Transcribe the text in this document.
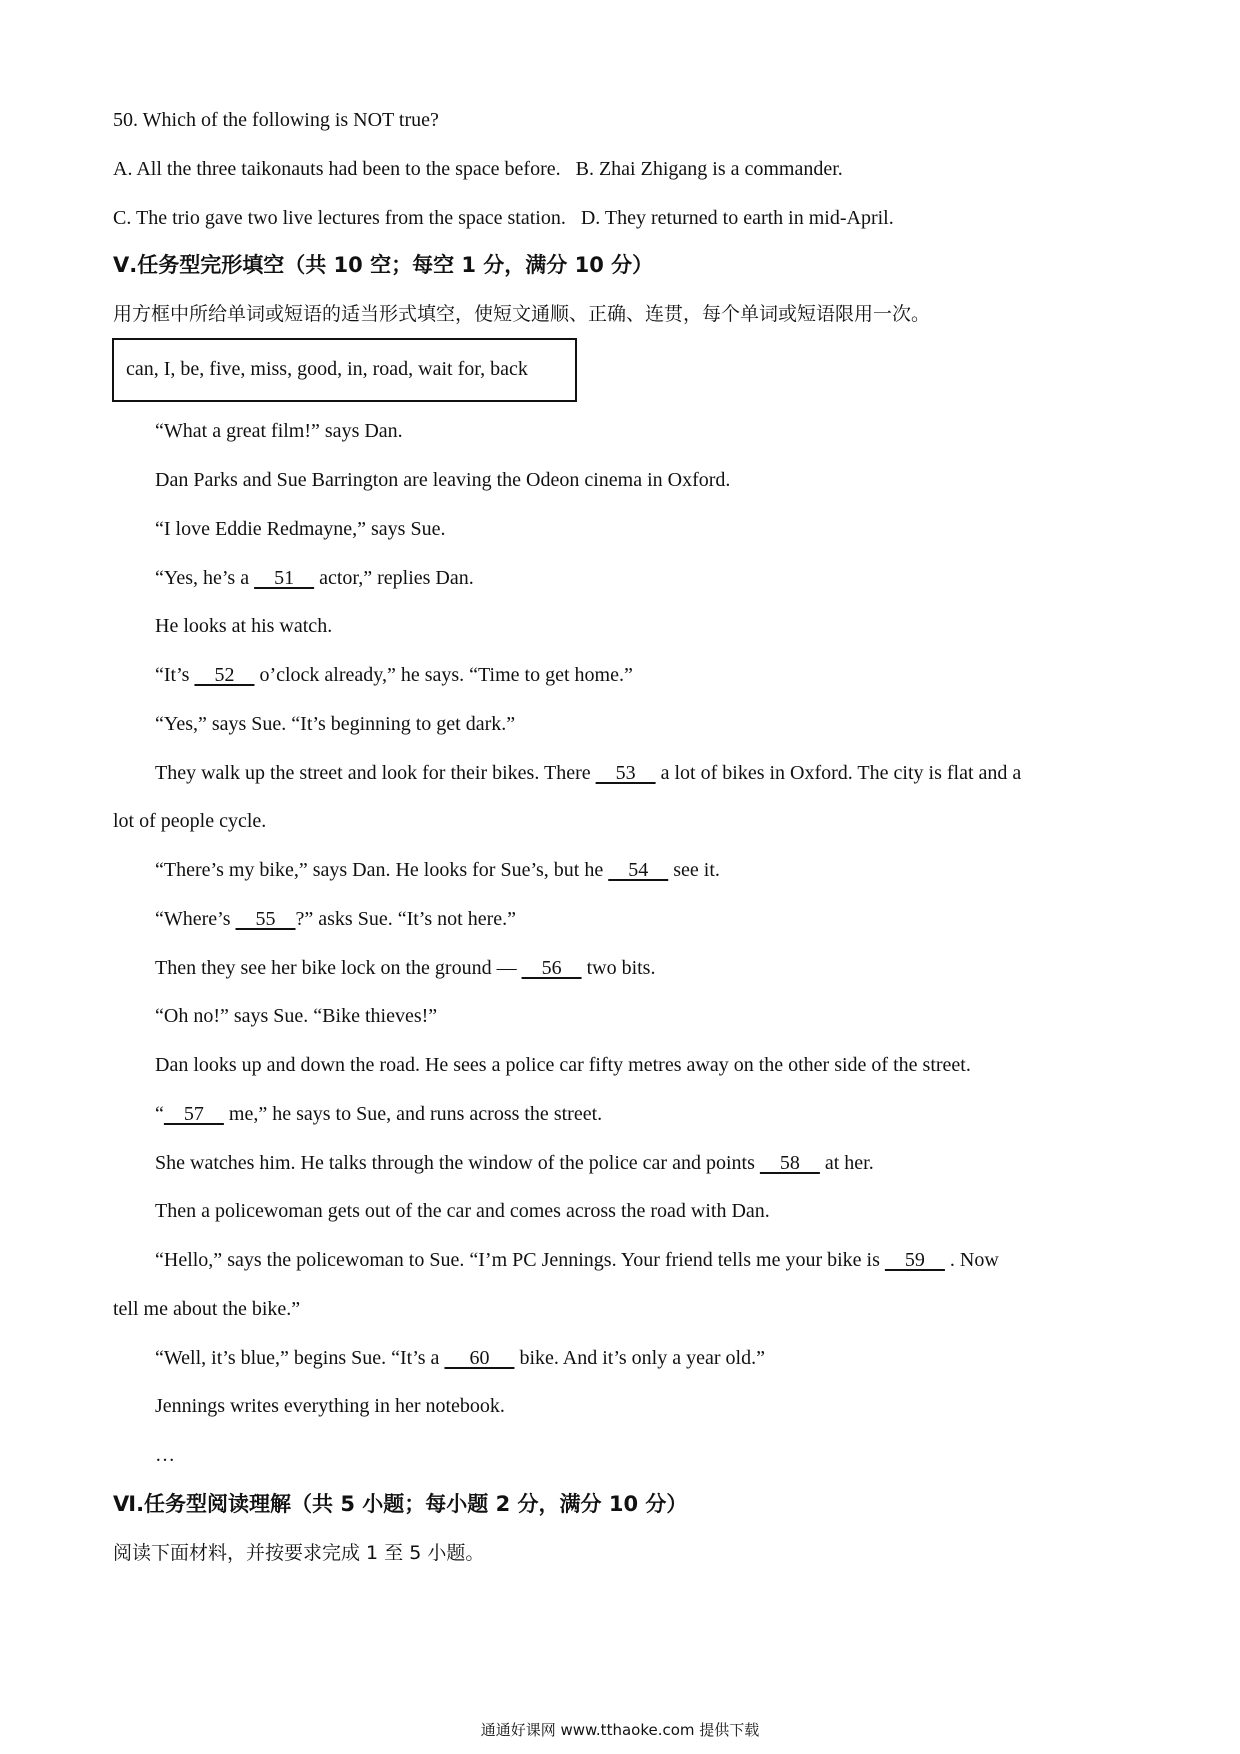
50. Which of the following is NOT true?
A. All the three taikonauts had been to the space before. B. Zhai Zhigang is a commander.
C. The trio gave two live lectures from the space station. D. They returned to earth in mid-April.
Ⅴ.任务型完形填空（共 10 空；每空 1 分，满分 10 分）
用方框中所给单词或短语的适当形式填空，使短文通顺、正确、连贯，每个单词或短语限用一次。
can, I, be, five, miss, good, in, road, wait for, back
“What a great film!” says Dan.
Dan Parks and Sue Barrington are leaving the Odeon cinema in Oxford.
“I love Eddie Redmayne,” says Sue.
“Yes, he’s a     51     actor,” replies Dan.
He looks at his watch.
“It’s     52     o’clock already,” he says. “Time to get home.”
“Yes,” says Sue. “It’s beginning to get dark.”
They walk up the street and look for their bikes. There     53     a lot of bikes in Oxford. The city is flat and a
lot of people cycle.
“There’s my bike,” says Dan. He looks for Sue’s, but he     54     see it.
“Where’s     55    ?” asks Sue. “It’s not here.”
Then they see her bike lock on the ground —     56     two bits.
“Oh no!” says Sue. “Bike thieves!”
Dan looks up and down the road. He sees a police car fifty metres away on the other side of the street.
“    57     me,” he says to Sue, and runs across the street.
She watches him. He talks through the window of the police car and points     58     at her.
Then a policewoman gets out of the car and comes across the road with Dan.
“Hello,” says the policewoman to Sue. “I’m PC Jennings. Your friend tells me your bike is     59     . Now
tell me about the bike.”
“Well, it’s blue,” begins Sue. “It’s a      60      bike. And it’s only a year old.”
Jennings writes everything in her notebook.
…
Ⅵ.任务型阅读理解（共 5 小题；每小题 2 分，满分 10 分）
阅读下面材料，并按要求完成 1 至 5 小题。
通通好课网 www.tthaoke.com 提供下载
